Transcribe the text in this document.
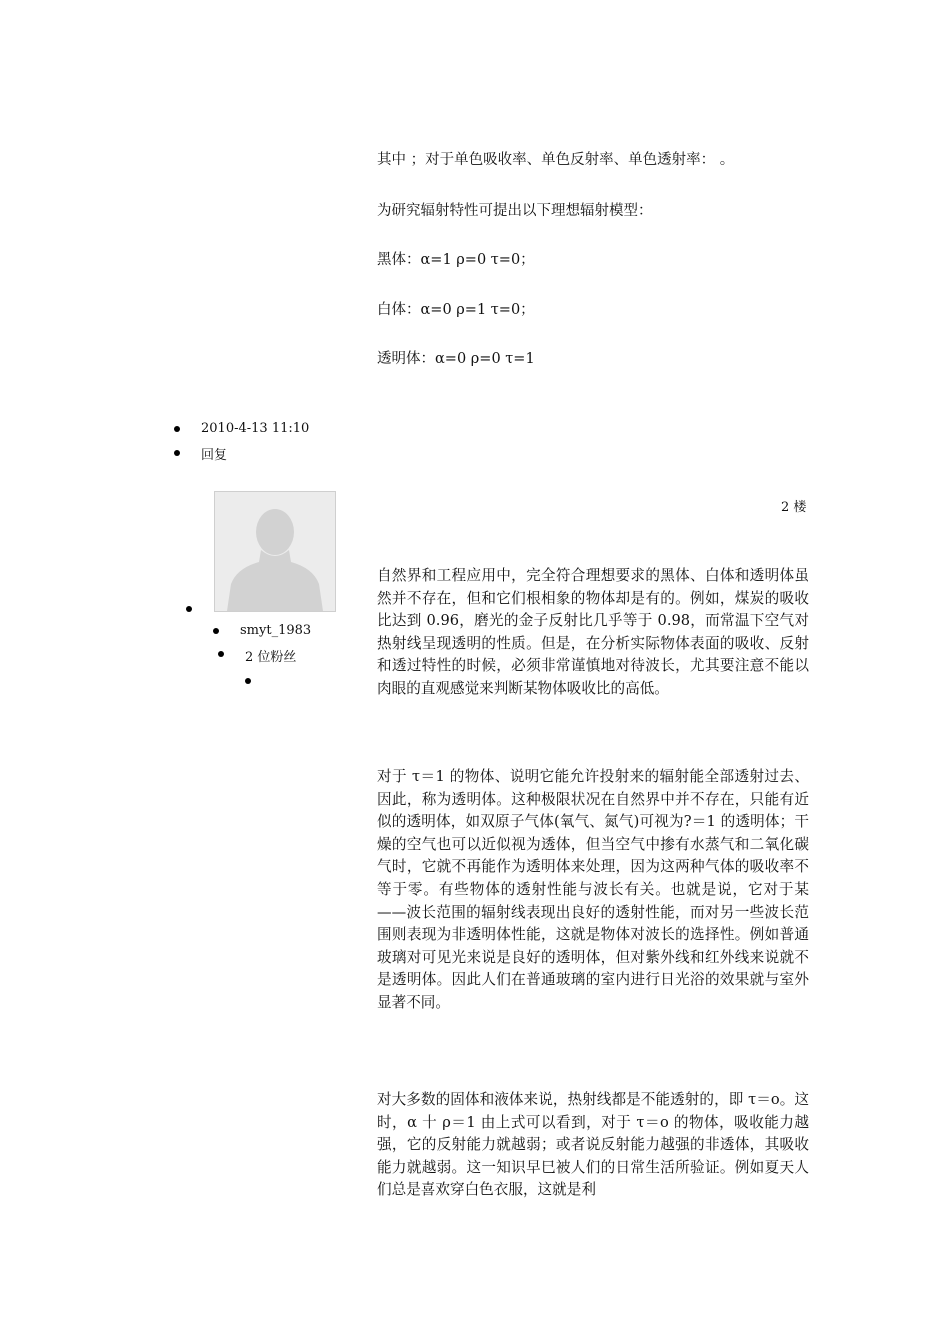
其中 ；对于单色吸收率、单色反射率、单色透射率： 。
为研究辐射特性可提出以下理想辐射模型：
黑体：α=1 ρ=0 τ=0；
白体：α=0 ρ=1 τ=0；
透明体：α=0 ρ=0 τ=1
2010-4-13 11:10
回复
2 楼
smyt_1983
2 位粉丝

自然界和工程应用中，完全符合理想要求的黑体、白体和透明体虽然并不存在，但和它们根相象的物体却是有的。例如，煤炭的吸收比达到 0.96，磨光的金子反射比几乎等于 0.98，而常温下空气对热射线呈现透明的性质。但是，在分析实际物体表面的吸收、反射和透过特性的时候，必须非常谨慎地对待波长，尤其要注意不能以肉眼的直观感觉来判断某物体吸收比的高低。

对于 τ＝1 的物体、说明它能允许投射来的辐射能全部透射过去、因此，称为透明体。这种极限状况在自然界中并不存在，只能有近似的透明体，如双原子气体(氧气、氮气)可视为?＝1 的透明体；干燥的空气也可以近似视为透体，但当空气中掺有水蒸气和二氧化碳气时，它就不再能作为透明体来处理，因为这两种气体的吸收率不等于零。有些物体的透射性能与波长有关。也就是说，它对于某——波长范围的辐射线表现出良好的透射性能，而对另一些波长范围则表现为非透明体性能，这就是物体对波长的选择性。例如普通玻璃对可见光来说是良好的透明体，但对紫外线和红外线来说就不是透明体。因此人们在普通玻璃的室内进行日光浴的效果就与室外显著不同。

对大多数的固体和液体来说，热射线都是不能透射的，即 τ＝o。这时，α 十 ρ＝1 由上式可以看到，对于 τ＝o 的物体，吸收能力越强，它的反射能力就越弱；或者说反射能力越强的非透体，其吸收能力就越弱。这一知识早巳被人们的日常生活所验证。例如夏天人们总是喜欢穿白色衣服，这就是利
